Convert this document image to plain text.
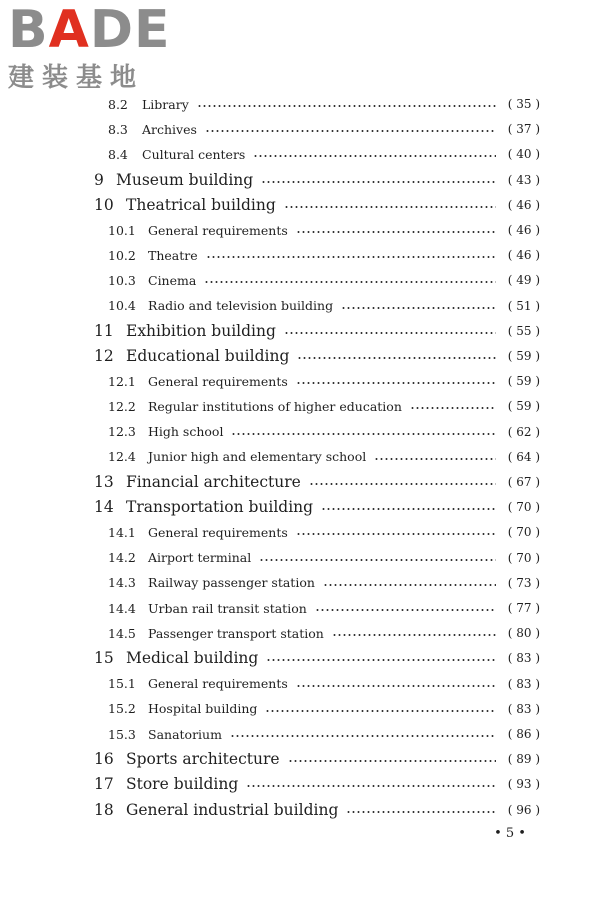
BADE
建装基地
8.2	Library	( 35 )
8.3	Archives	( 37 )
8.4	Cultural centers	( 40 )
9 Museum building	( 43 )
10 Theatrical building	( 46 )
10.1 General requirements	( 46 )
10.2 Theatre	( 46 )
10.3 Cinema	( 49 )
10.4 Radio and television building	( 51 )
11 Exhibition building	( 55 )
12 Educational building	( 59 )
12.1 General requirements	( 59 )
12.2 Regular institutions of higher education	( 59 )
12.3 High school	( 62 )
12.4 Junior high and elementary school	( 64 )
13 Financial architecture	( 67 )
14 Transportation building	( 70 )
14.1 General requirements	( 70 )
14.2 Airport terminal	( 70 )
14.3 Railway passenger station	( 73 )
14.4 Urban rail transit station	( 77 )
14.5 Passenger transport station	( 80 )
15 Medical building	( 83 )
15.1 General requirements	( 83 )
15.2 Hospital building	( 83 )
15.3 Sanatorium	( 86 )
16 Sports architecture	( 89 )
17 Store building	( 93 )
18 General industrial building	( 96 )
• 5 •
